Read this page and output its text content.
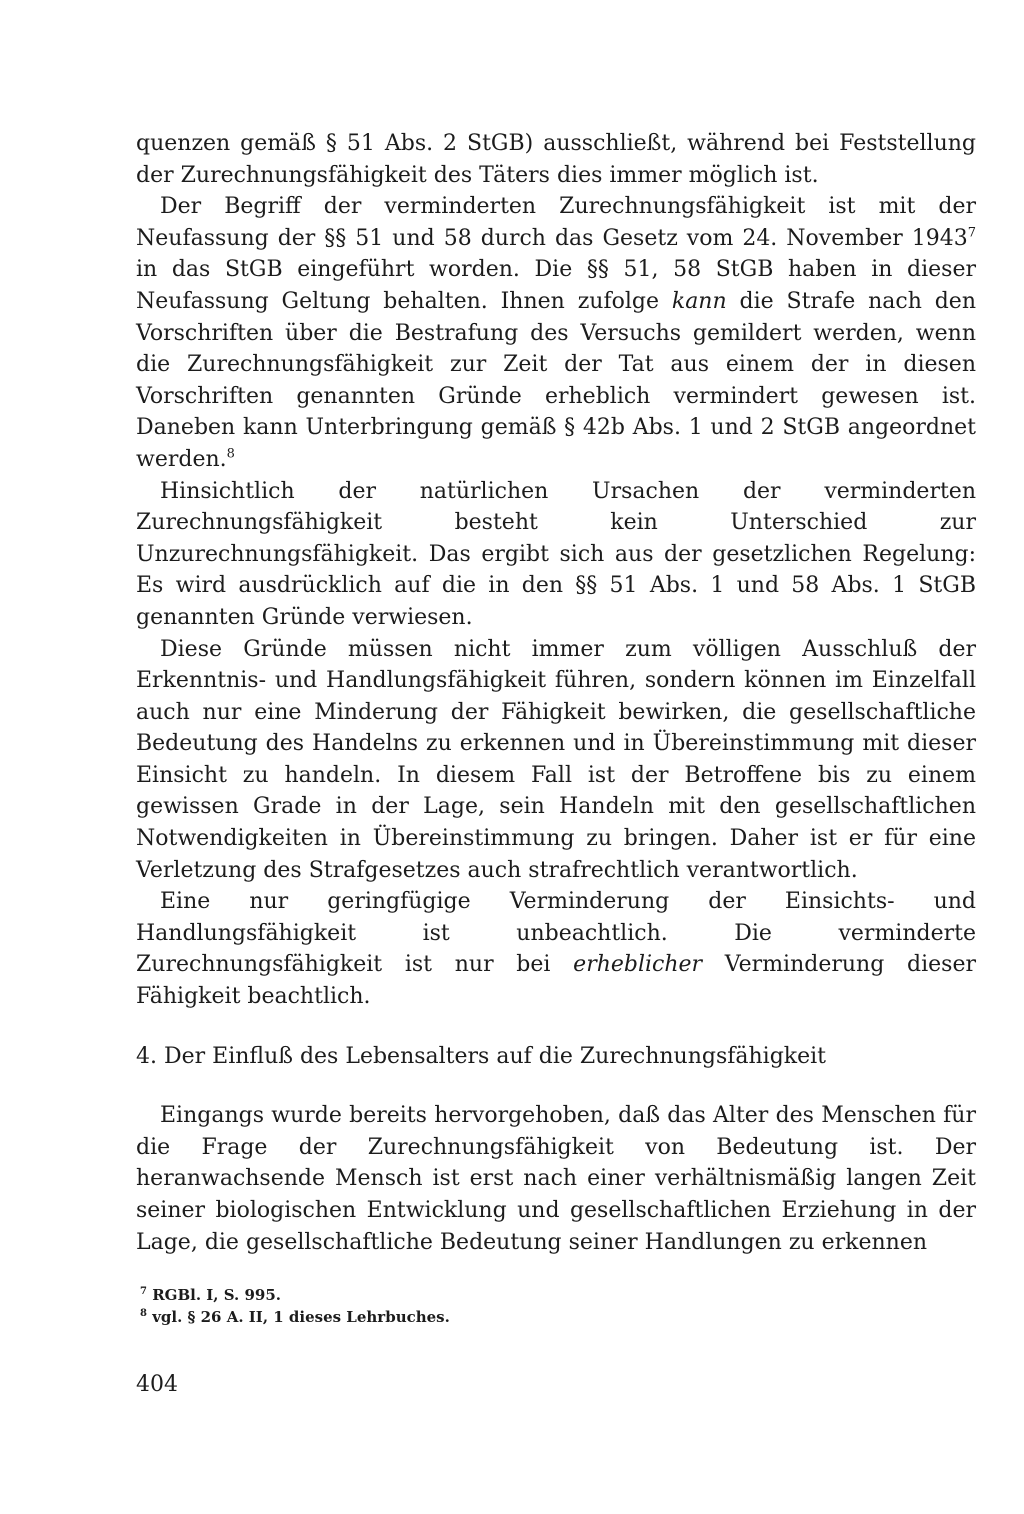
quenzen gemäß § 51 Abs. 2 StGB) ausschließt, während bei Feststellung der Zurechnungsfähigkeit des Täters dies immer möglich ist.

Der Begriff der verminderten Zurechnungsfähigkeit ist mit der Neufassung der §§ 51 und 58 durch das Gesetz vom 24. November 1943$^7$ in das StGB eingeführt worden. Die §§ 51, 58 StGB haben in dieser Neufassung Geltung behalten. Ihnen zufolge kann die Strafe nach den Vorschriften über die Bestrafung des Versuchs gemildert werden, wenn die Zurechnungsfähigkeit zur Zeit der Tat aus einem der in diesen Vorschriften genannten Gründe erheblich vermindert gewesen ist. Daneben kann Unterbringung gemäß § 42b Abs. 1 und 2 StGB angeordnet werden.$^8$

Hinsichtlich der natürlichen Ursachen der verminderten Zurechnungsfähigkeit besteht kein Unterschied zur Unzurechnungsfähigkeit. Das ergibt sich aus der gesetzlichen Regelung: Es wird ausdrücklich auf die in den §§ 51 Abs. 1 und 58 Abs. 1 StGB genannten Gründe verwiesen.

Diese Gründe müssen nicht immer zum völligen Ausschluß der Erkenntnis- und Handlungsfähigkeit führen, sondern können im Einzelfall auch nur eine Minderung der Fähigkeit bewirken, die gesellschaftliche Bedeutung des Handelns zu erkennen und in Übereinstimmung mit dieser Einsicht zu handeln. In diesem Fall ist der Betroffene bis zu einem gewissen Grade in der Lage, sein Handeln mit den gesellschaftlichen Notwendigkeiten in Übereinstimmung zu bringen. Daher ist er für eine Verletzung des Strafgesetzes auch strafrechtlich verantwortlich.

Eine nur geringfügige Verminderung der Einsichts- und Handlungsfähigkeit ist unbeachtlich. Die verminderte Zurechnungsfähigkeit ist nur bei erheblicher Verminderung dieser Fähigkeit beachtlich.

4. Der Einfluß des Lebensalters auf die Zurechnungsfähigkeit

Eingangs wurde bereits hervorgehoben, daß das Alter des Menschen für die Frage der Zurechnungsfähigkeit von Bedeutung ist. Der heranwachsende Mensch ist erst nach einer verhältnismäßig langen Zeit seiner biologischen Entwicklung und gesellschaftlichen Erziehung in der Lage, die gesellschaftliche Bedeutung seiner Handlungen zu erkennen

$^7$ RGBl. I, S. 995.

$^8$ vgl. § 26 A. II, 1 dieses Lehrbuches.

404
